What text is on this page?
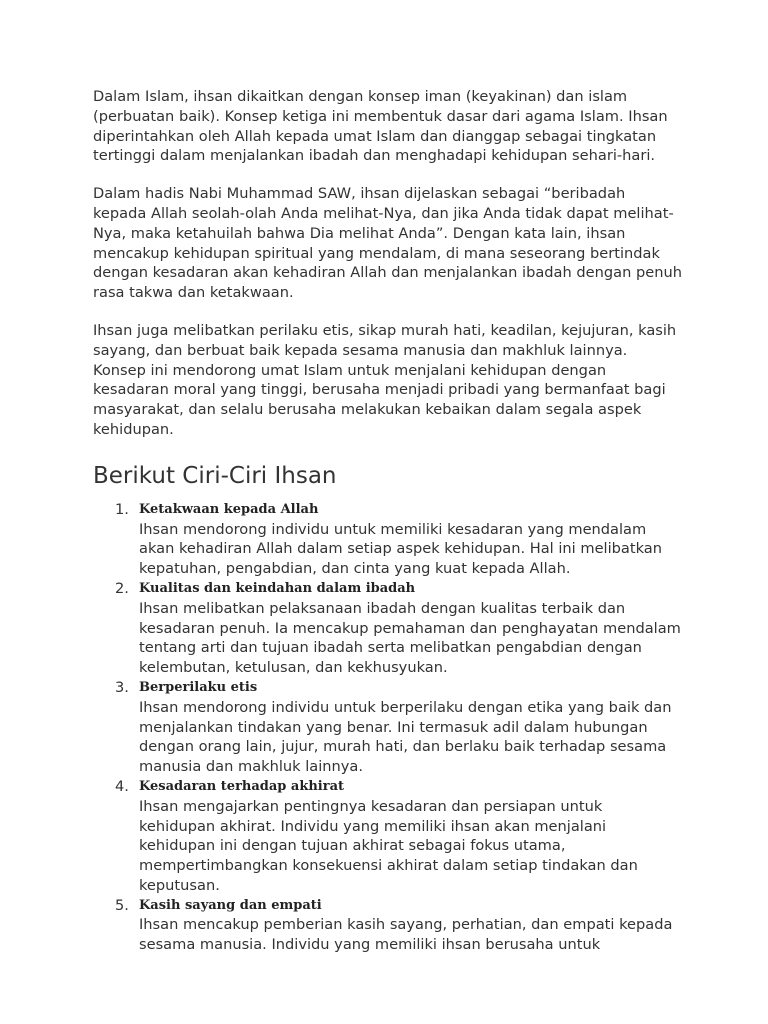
Dalam Islam, ihsan dikaitkan dengan konsep iman (keyakinan) dan islam (perbuatan baik). Konsep ketiga ini membentuk dasar dari agama Islam. Ihsan diperintahkan oleh Allah kepada umat Islam dan dianggap sebagai tingkatan tertinggi dalam menjalankan ibadah dan menghadapi kehidupan sehari-hari.

Dalam hadis Nabi Muhammad SAW, ihsan dijelaskan sebagai “beribadah kepada Allah seolah-olah Anda melihat-Nya, dan jika Anda tidak dapat melihat-Nya, maka ketahuilah bahwa Dia melihat Anda”. Dengan kata lain, ihsan mencakup kehidupan spiritual yang mendalam, di mana seseorang bertindak dengan kesadaran akan kehadiran Allah dan menjalankan ibadah dengan penuh rasa takwa dan ketakwaan.

Ihsan juga melibatkan perilaku etis, sikap murah hati, keadilan, kejujuran, kasih sayang, dan berbuat baik kepada sesama manusia dan makhluk lainnya. Konsep ini mendorong umat Islam untuk menjalani kehidupan dengan kesadaran moral yang tinggi, berusaha menjadi pribadi yang bermanfaat bagi masyarakat, dan selalu berusaha melakukan kebaikan dalam segala aspek kehidupan.

Berikut Ciri-Ciri Ihsan
1. Ketakwaan kepada Allah
Ihsan mendorong individu untuk memiliki kesadaran yang mendalam akan kehadiran Allah dalam setiap aspek kehidupan. Hal ini melibatkan kepatuhan, pengabdian, dan cinta yang kuat kepada Allah.
2. Kualitas dan keindahan dalam ibadah
Ihsan melibatkan pelaksanaan ibadah dengan kualitas terbaik dan kesadaran penuh. Ia mencakup pemahaman dan penghayatan mendalam tentang arti dan tujuan ibadah serta melibatkan pengabdian dengan kelembutan, ketulusan, dan kekhusyukan.
3. Berperilaku etis
Ihsan mendorong individu untuk berperilaku dengan etika yang baik dan menjalankan tindakan yang benar. Ini termasuk adil dalam hubungan dengan orang lain, jujur, murah hati, dan berlaku baik terhadap sesama manusia dan makhluk lainnya.
4. Kesadaran terhadap akhirat
Ihsan mengajarkan pentingnya kesadaran dan persiapan untuk kehidupan akhirat. Individu yang memiliki ihsan akan menjalani kehidupan ini dengan tujuan akhirat sebagai fokus utama, mempertimbangkan konsekuensi akhirat dalam setiap tindakan dan keputusan.
5. Kasih sayang dan empati
Ihsan mencakup pemberian kasih sayang, perhatian, dan empati kepada sesama manusia. Individu yang memiliki ihsan berusaha untuk
